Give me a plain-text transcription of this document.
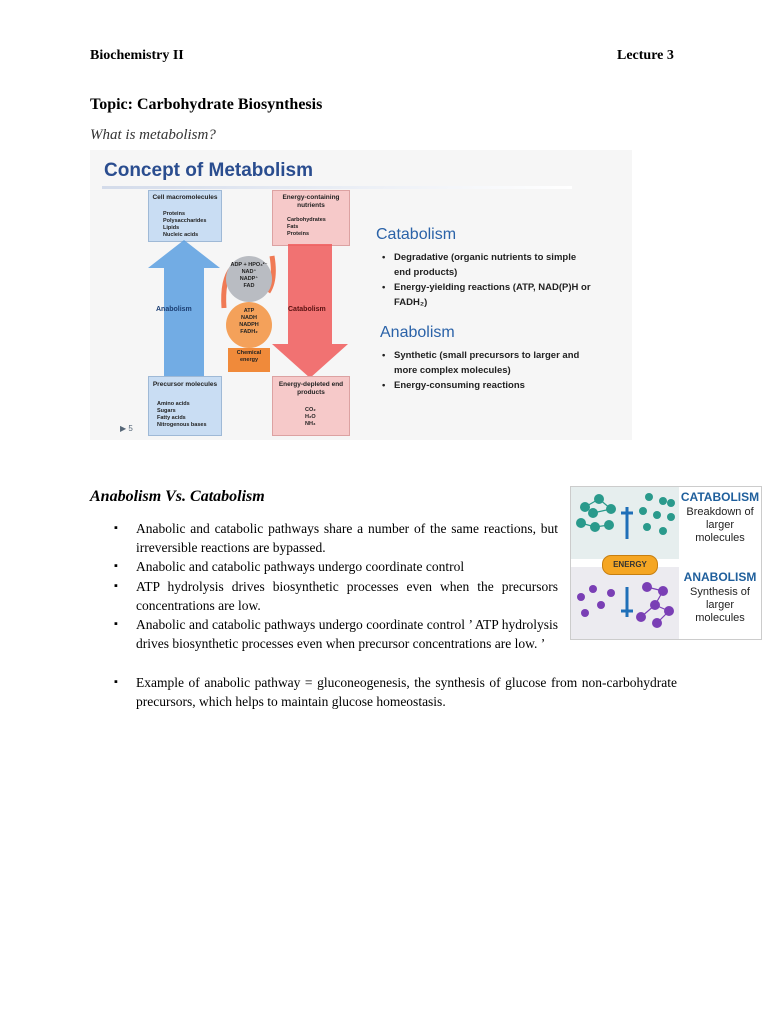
Biochemistry II	Lecture 3
Topic: Carbohydrate Biosynthesis
What is metabolism?
Concept of Metabolism
Cell macromolecules
Proteins
Polysaccharides
Lipids
Nucleic acids
Anabolism
Precursor molecules
Amino acids
Sugars
Fatty acids
Nitrogenous bases
Energy-containing nutrients
Carbohydrates
Fats
Proteins
Catabolism
Energy-depleted end products
CO₂
H₂O
NH₃
ADP + HPO₄²⁻
NAD⁺
NADP⁺
FAD
ATP
NADH
NADPH
FADH₂
Chemical energy
▶ 5
Catabolism
• Degradative (organic nutrients to simple end products)
• Energy-yielding reactions (ATP, NAD(P)H or FADH₂)
Anabolism
• Synthetic (small precursors to larger and more complex molecules)
• Energy-consuming reactions
Anabolism Vs. Catabolism
▪ Anabolic and catabolic pathways share a number of the same reactions, but irreversible reactions are bypassed.
▪ Anabolic and catabolic pathways undergo coordinate control
▪ ATP hydrolysis drives biosynthetic processes even when the precursors concentrations are low.
▪ Anabolic and catabolic pathways undergo coordinate control ’ ATP hydrolysis drives biosynthetic processes even when precursor concentrations are low. ’
▪ Example of anabolic pathway = gluconeogenesis, the synthesis of glucose from non-carbohydrate precursors, which helps to maintain glucose homeostasis.
ENERGY
CATABOLISM
Breakdown of larger molecules
ANABOLISM
Synthesis of larger molecules
